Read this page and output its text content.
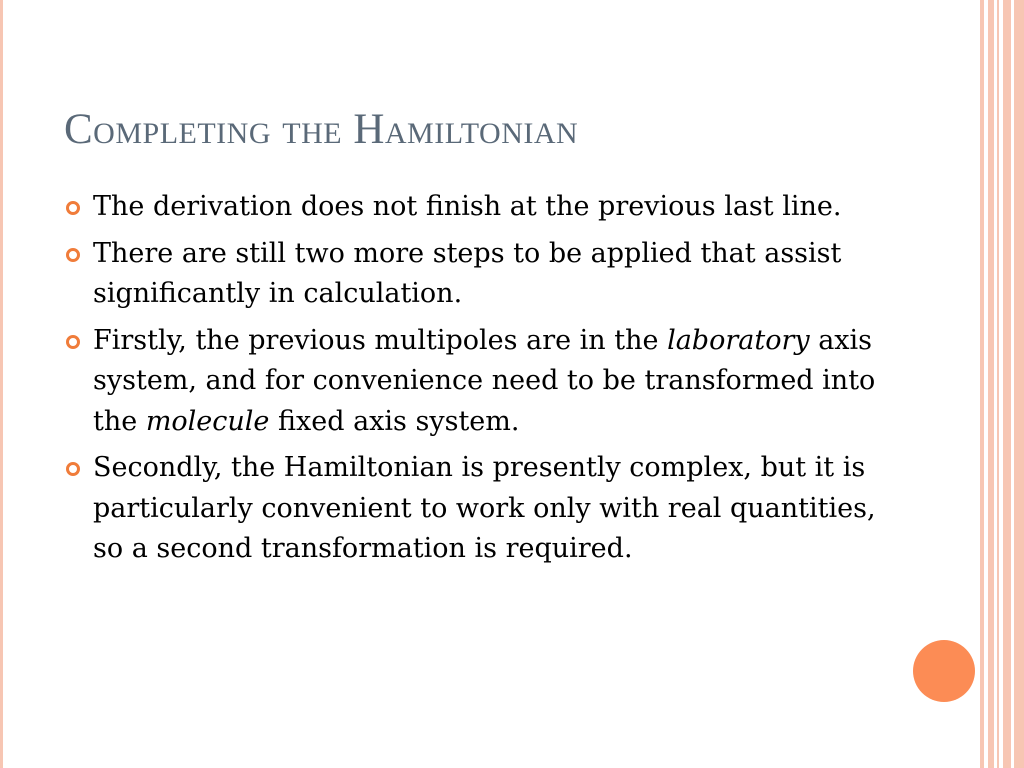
Completing the Hamiltonian
The derivation does not finish at the previous last line.
There are still two more steps to be applied that assist significantly in calculation.
Firstly, the previous multipoles are in the laboratory axis system, and for convenience need to be transformed into the molecule fixed axis system.
Secondly, the Hamiltonian is presently complex, but it is particularly convenient to work only with real quantities, so a second transformation is required.
